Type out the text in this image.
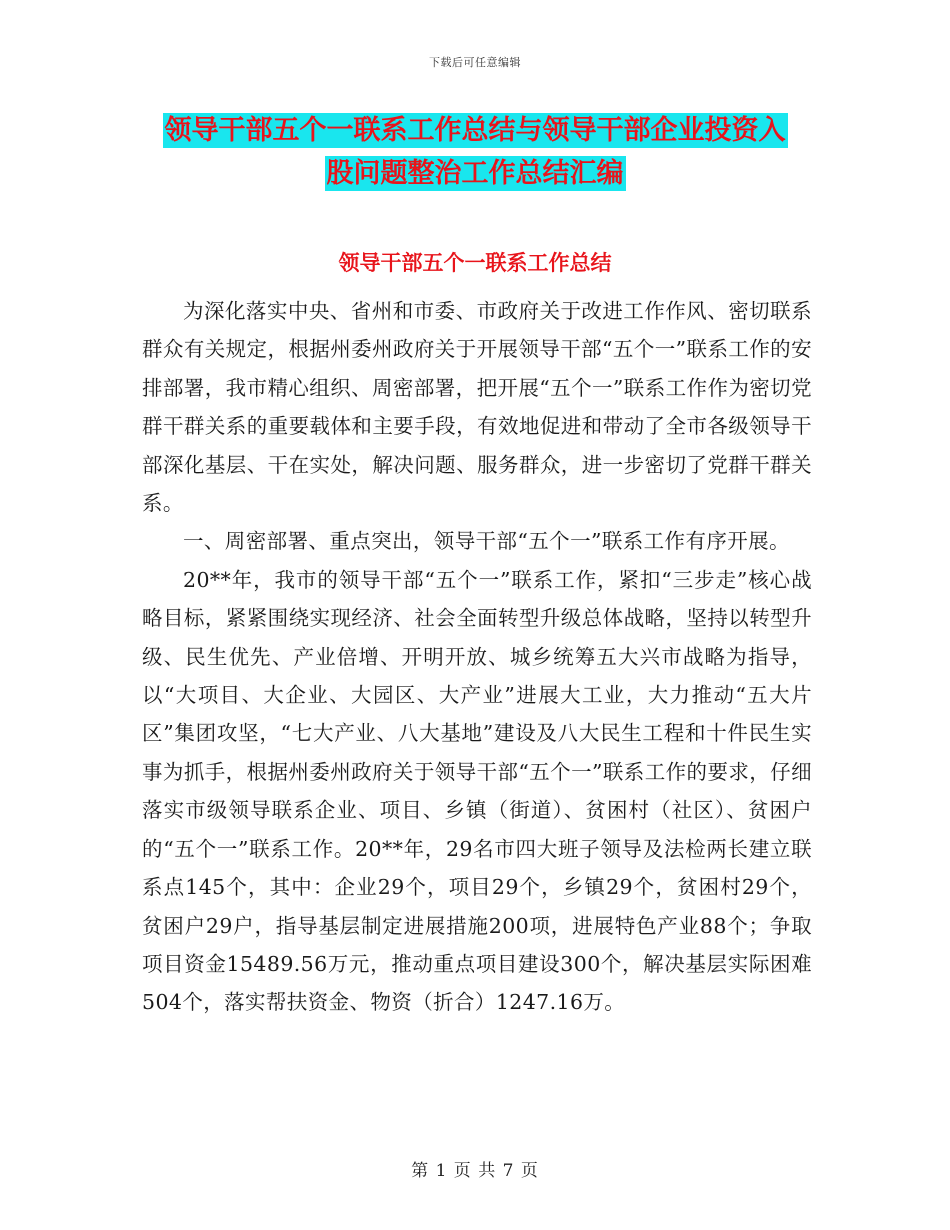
下载后可任意编辑
领导干部五个一联系工作总结与领导干部企业投资入
股问题整治工作总结汇编
领导干部五个一联系工作总结

为深化落实中央、省州和市委、市政府关于改进工作作风、密切联系群众有关规定，根据州委州政府关于开展领导干部“五个一”联系工作的安排部署，我市精心组织、周密部署，把开展“五个一”联系工作作为密切党群干群关系的重要载体和主要手段，有效地促进和带动了全市各级领导干部深化基层、干在实处，解决问题、服务群众，进一步密切了党群干群关系。

一、周密部署、重点突出，领导干部“五个一”联系工作有序开展。

20**年，我市的领导干部“五个一”联系工作，紧扣“三步走”核心战略目标，紧紧围绕实现经济、社会全面转型升级总体战略，坚持以转型升级、民生优先、产业倍增、开明开放、城乡统筹五大兴市战略为指导，以“大项目、大企业、大园区、大产业”进展大工业，大力推动“五大片区”集团攻坚，“七大产业、八大基地”建设及八大民生工程和十件民生实事为抓手，根据州委州政府关于领导干部“五个一”联系工作的要求，仔细落实市级领导联系企业、项目、乡镇（街道）、贫困村（社区）、贫困户的“五个一”联系工作。20**年，29名市四大班子领导及法检两长建立联系点145个，其中：企业29个，项目29个，乡镇29个，贫困村29个，贫困户29户，指导基层制定进展措施200项，进展特色产业88个；争取项目资金15489.56万元，推动重点项目建设300个，解决基层实际困难504个，落实帮扶资金、物资（折合）1247.16万。

第 1 页 共 7 页
